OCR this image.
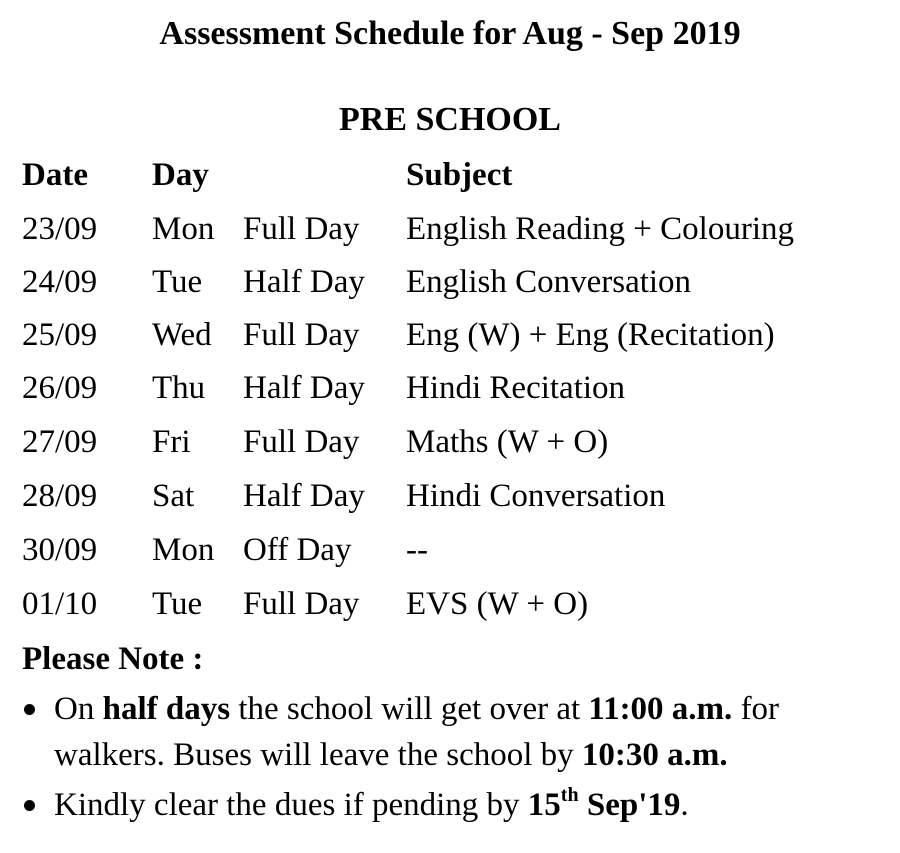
Assessment Schedule for Aug - Sep 2019
PRE SCHOOL
Date Day	Subject
23/09 Mon Full Day English Reading + Colouring
24/09 Tue Half Day English Conversation
25/09 Wed Full Day Eng (W) + Eng (Recitation)
26/09 Thu Half Day Hindi Recitation
27/09 Fri Full Day Maths (W + O)
28/09 Sat Half Day Hindi Conversation
30/09 Mon Off Day --
01/10 Tue Full Day EVS (W + O)
Please Note :
On half days the school will get over at 11:00 a.m. for walkers. Buses will leave the school by 10:30 a.m.
Kindly clear the dues if pending by 15th Sep'19.
